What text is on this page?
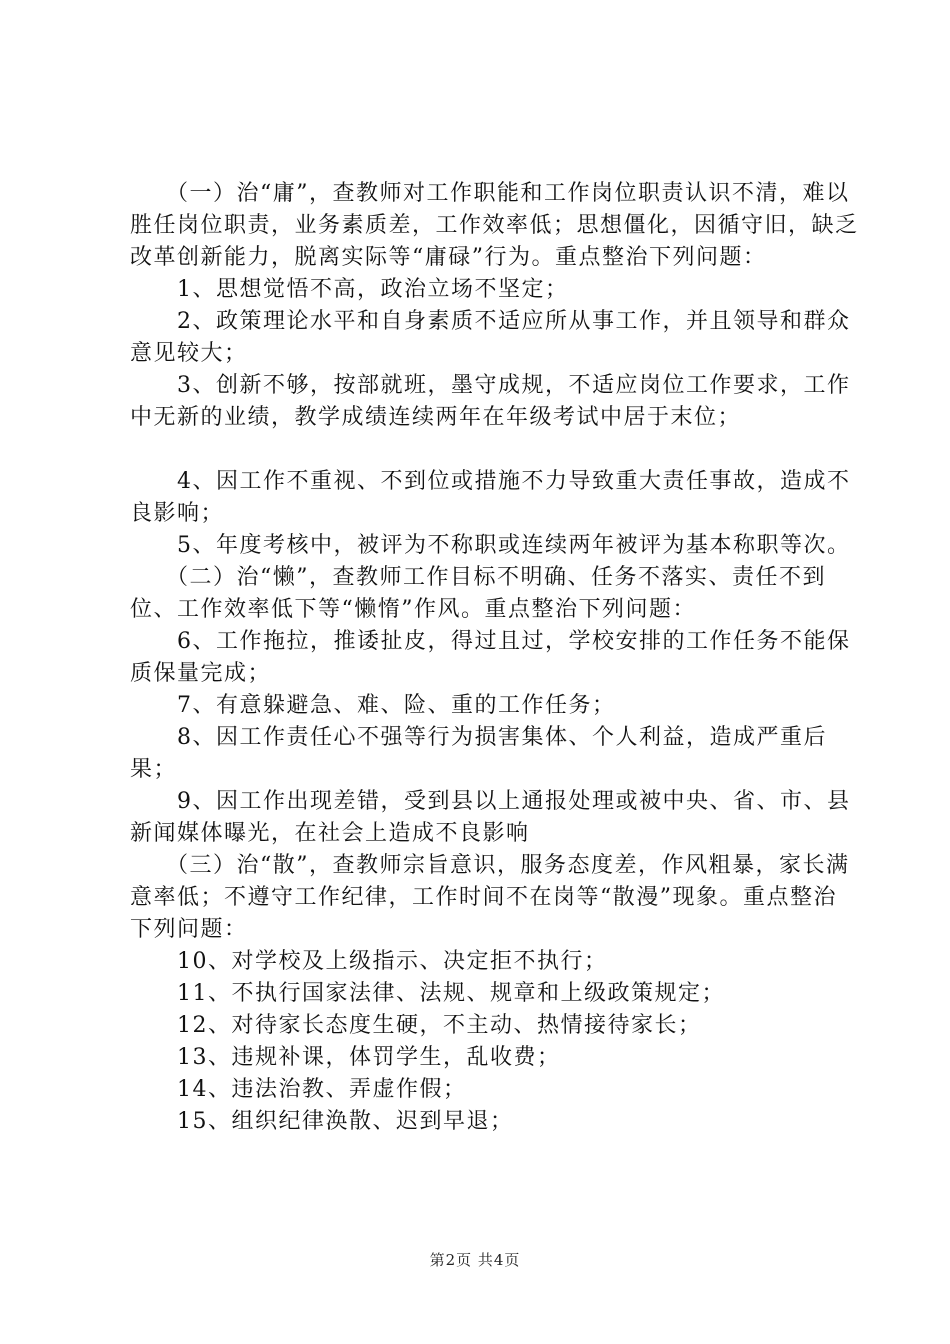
　　（一）治“庸”，查教师对工作职能和工作岗位职责认识不清，难以胜任岗位职责，业务素质差，工作效率低；思想僵化，因循守旧，缺乏改革创新能力，脱离实际等“庸碌”行为。重点整治下列问题：

　　1、思想觉悟不高，政治立场不坚定；

　　2、政策理论水平和自身素质不适应所从事工作，并且领导和群众意见较大；

　　3、创新不够，按部就班，墨守成规，不适应岗位工作要求，工作中无新的业绩，教学成绩连续两年在年级考试中居于末位；

　　4、因工作不重视、不到位或措施不力导致重大责任事故，造成不良影响；

　　5、年度考核中，被评为不称职或连续两年被评为基本称职等次。

　　（二）治“懒”，查教师工作目标不明确、任务不落实、责任不到位、工作效率低下等“懒惰”作风。重点整治下列问题：

　　6、工作拖拉，推诿扯皮，得过且过，学校安排的工作任务不能保质保量完成；

　　7、有意躲避急、难、险、重的工作任务；

　　8、因工作责任心不强等行为损害集体、个人利益，造成严重后果；

　　9、因工作出现差错，受到县以上通报处理或被中央、省、市、县新闻媒体曝光，在社会上造成不良影响

　　（三）治“散”，查教师宗旨意识，服务态度差，作风粗暴，家长满意率低；不遵守工作纪律，工作时间不在岗等“散漫”现象。重点整治下列问题：

　　10、对学校及上级指示、决定拒不执行；

　　11、不执行国家法律、法规、规章和上级政策规定；

　　12、对待家长态度生硬，不主动、热情接待家长；

　　13、违规补课，体罚学生，乱收费；

　　14、违法治教、弄虚作假；

　　15、组织纪律涣散、迟到早退；

第2页 共4页
